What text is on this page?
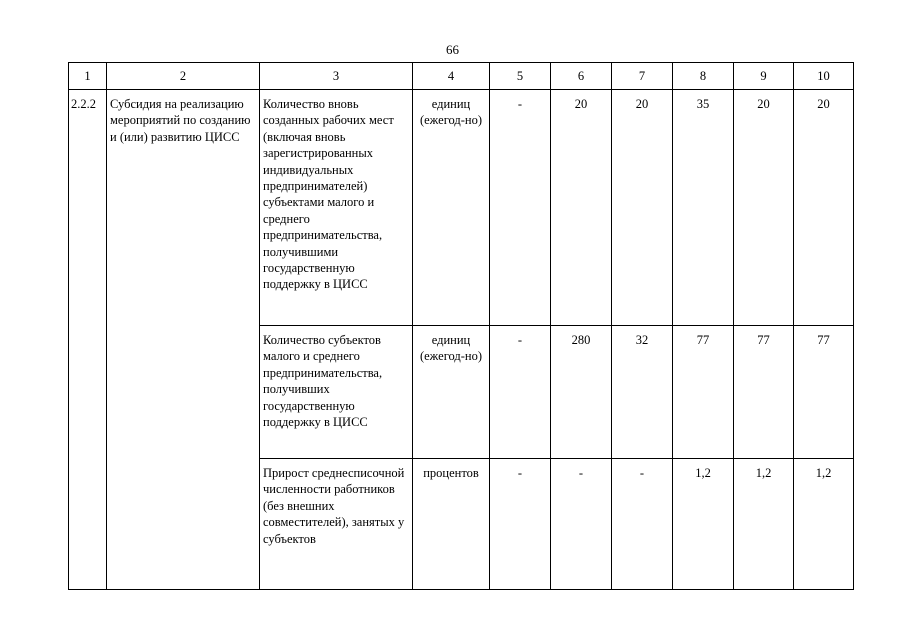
66
1	2	3	4	5	6	7	8	9	10
2.2.2	Субсидия на реализацию мероприятий по созданию и (или) развитию ЦИСС	Количество вновь созданных рабочих мест (включая вновь зарегистрированных индивидуальных предпринимателей) субъектами малого и среднего предпринимательства, получившими государственную поддержку в ЦИСС	единиц (ежегод-но)	-	20	20	35	20	20
		Количество субъектов малого и среднего предпринимательства, получивших государственную поддержку в ЦИСС	единиц (ежегод-но)	-	280	32	77	77	77
		Прирост среднесписочной численности работников (без внешних совместителей), занятых у субъектов	процентов	-	-	-	1,2	1,2	1,2
